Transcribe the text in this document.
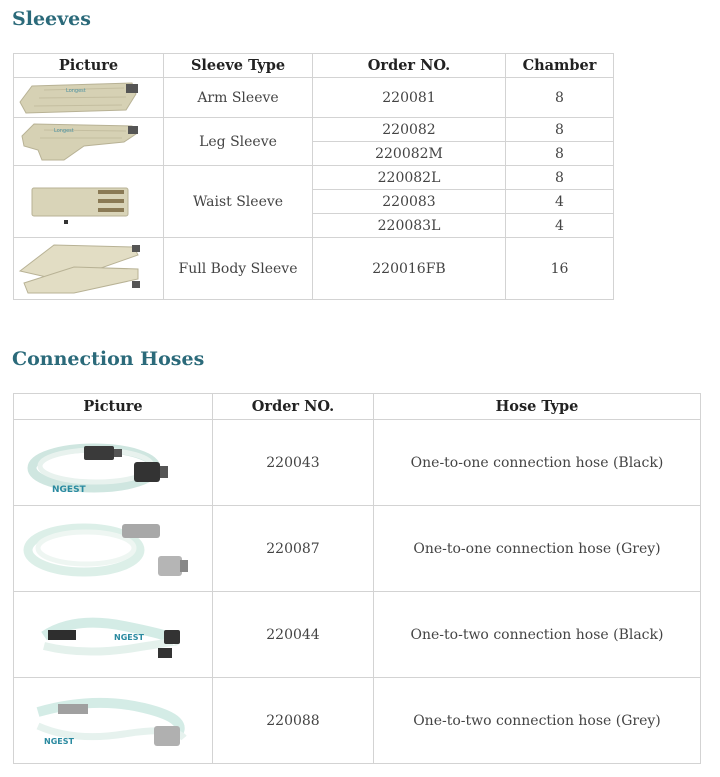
Sleeves
Picture	Sleeve Type	Order NO.	Chamber

Longest	Arm Sleeve	220081	8

Longest	Leg Sleeve	220082	8
		220082M	8

	Waist Sleeve	220082L	8
		220083	4
		220083L	4

	Full Body Sleeve	220016FB	16
Connection Hoses
Picture	Order NO.	Hose Type

NGEST	220043	One-to-one connection hose (Black)

	220087	One-to-one connection hose (Grey)

NGEST	220044	One-to-two connection hose (Black)

NGEST	220088	One-to-two connection hose (Grey)
